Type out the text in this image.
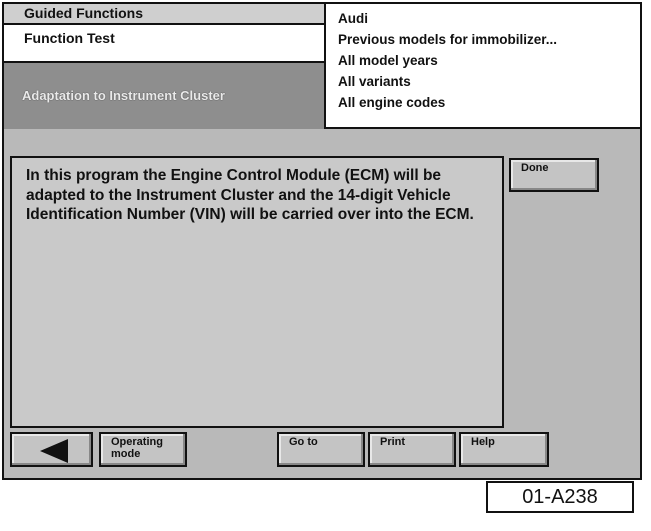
Guided Functions
Function Test
Adaptation to Instrument Cluster
Audi
Previous models for immobilizer...
All model years
All variants
All engine codes
In this program the Engine Control Module (ECM) will be adapted to the Instrument Cluster and the 14-digit Vehicle Identification Number (VIN) will be carried over into the ECM.
Done
Operating
mode
Go to	Print	Help
01-A238
